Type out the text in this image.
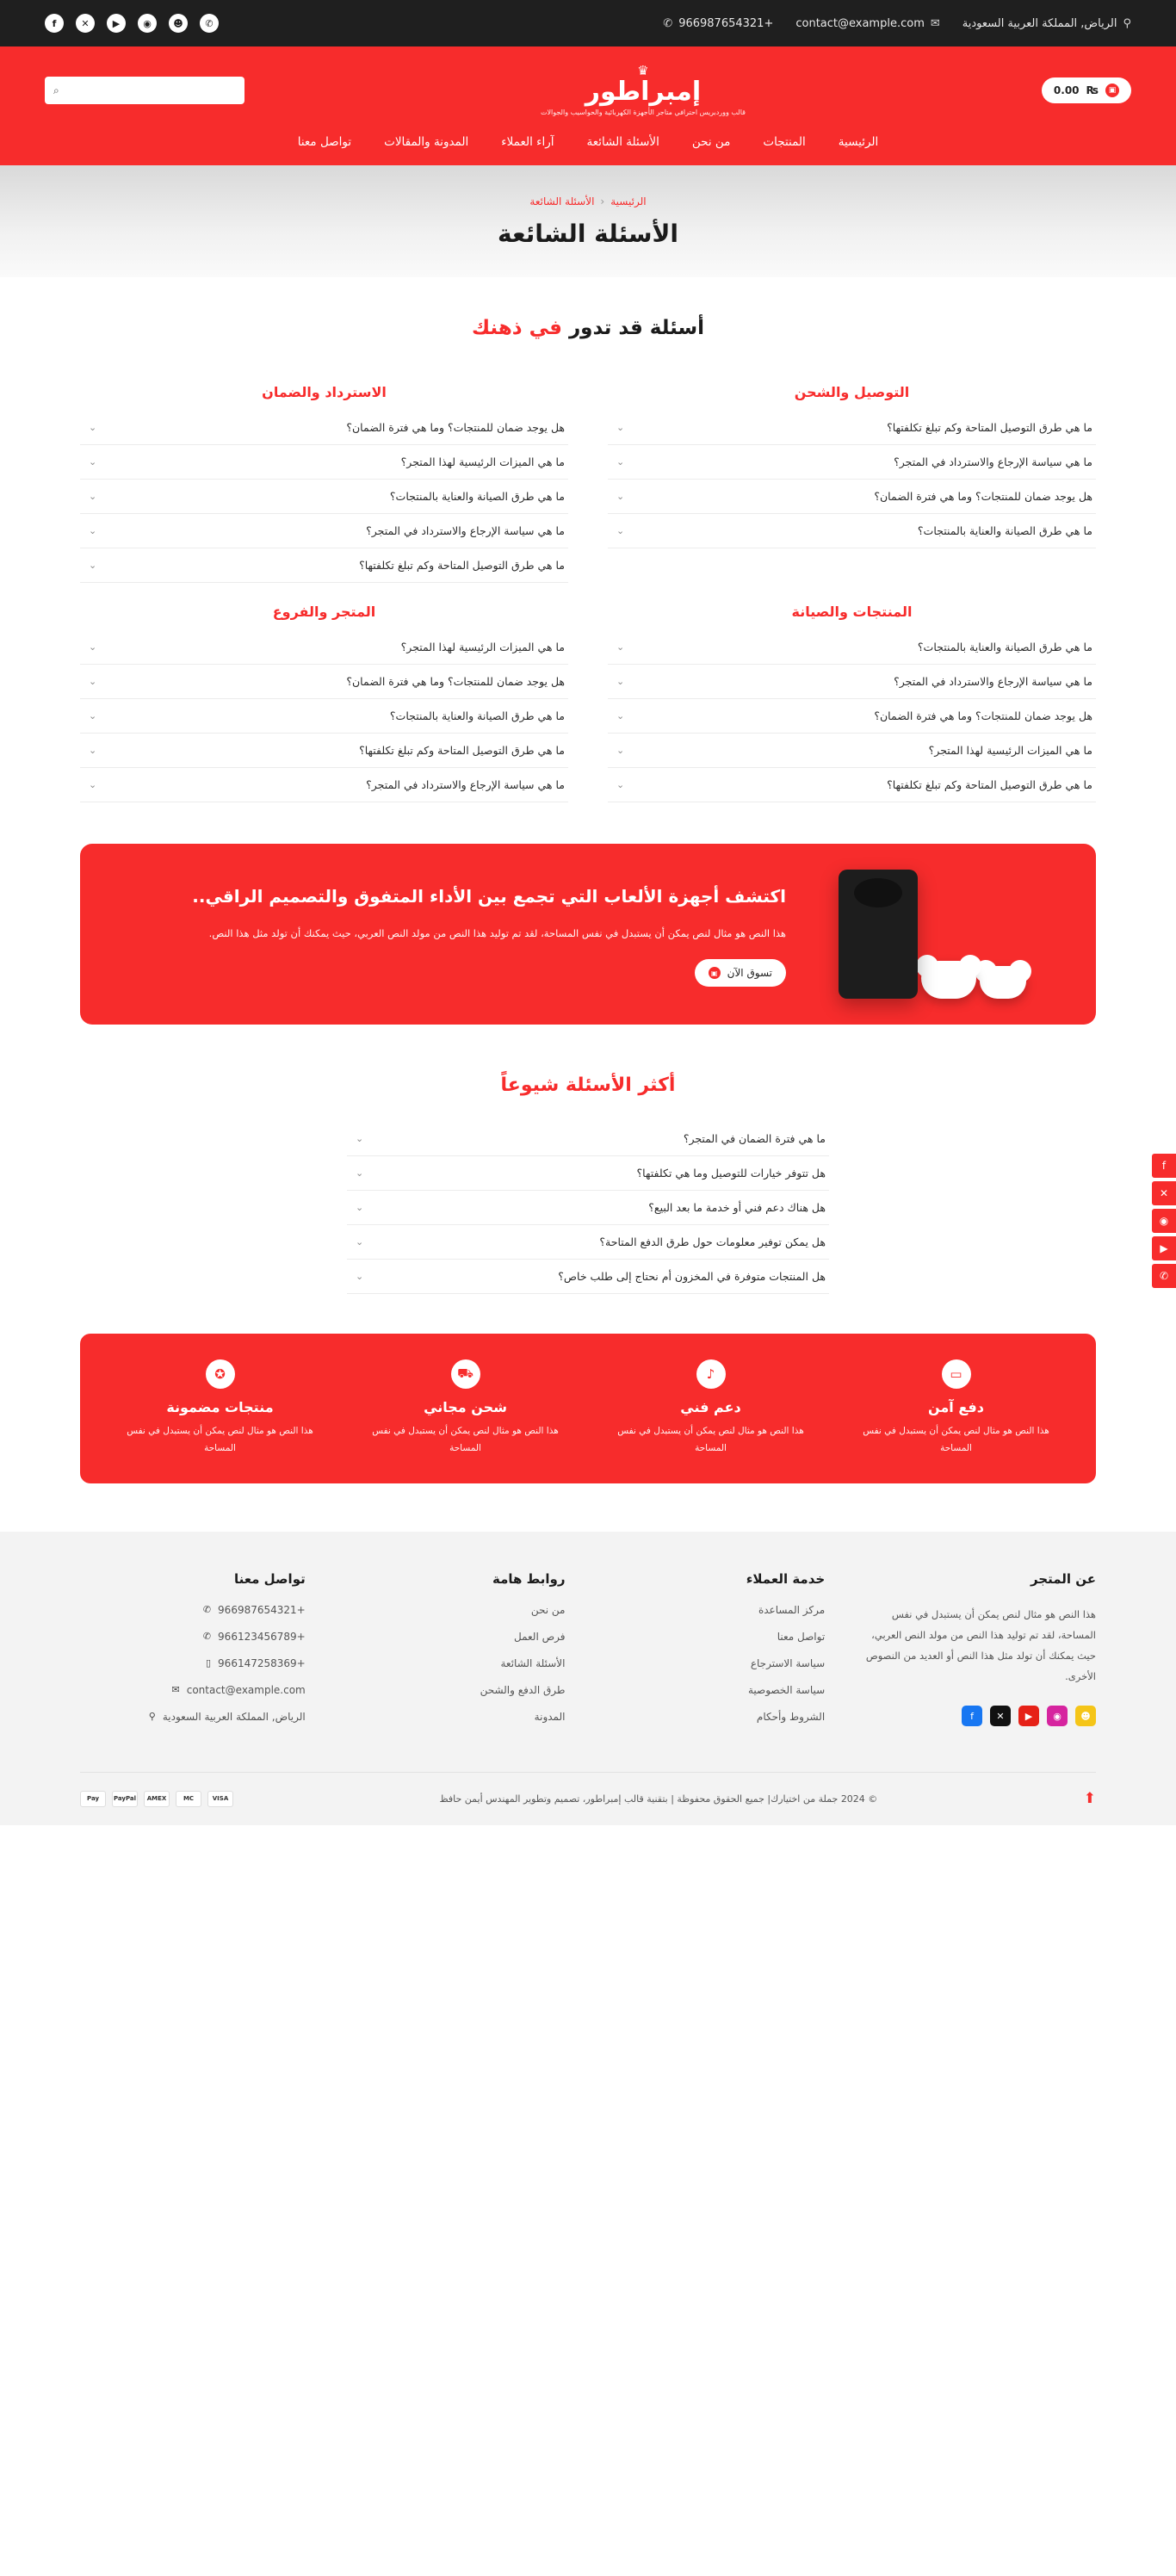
⚲
الرياض, المملكة العربية السعودية
✉
contact@example.com
+966987654321
✆
✆
☻
◉
▶
✕
f
▣
₨
0.00
♛
إمبراطور
قالب ووردبريس احترافي متاجر الأجهزة الكهربائية والحواسيب والجوالات
⌕
الرئيسية
المنتجات
من نحن
الأسئلة الشائعة
آراء العملاء
المدونة والمقالات
تواصل معنا
الرئيسية
‹
الأسئلة الشائعة
الأسئلة الشائعة
أسئلة قد تدور في ذهنك
التوصيل والشحن
ما هي طرق التوصيل المتاحة وكم تبلغ تكلفتها؟
⌄
ما هي سياسة الإرجاع والاسترداد في المتجر؟
⌄
هل يوجد ضمان للمنتجات؟ وما هي فترة الضمان؟
⌄
ما هي طرق الصيانة والعناية بالمنتجات؟
⌄
الاسترداد والضمان
هل يوجد ضمان للمنتجات؟ وما هي فترة الضمان؟
⌄
ما هي الميزات الرئيسية لهذا المتجر؟
⌄
ما هي طرق الصيانة والعناية بالمنتجات؟
⌄
ما هي سياسة الإرجاع والاسترداد في المتجر؟
⌄
ما هي طرق التوصيل المتاحة وكم تبلغ تكلفتها؟
⌄
المنتجات والصيانة
ما هي طرق الصيانة والعناية بالمنتجات؟
⌄
ما هي سياسة الإرجاع والاسترداد في المتجر؟
⌄
هل يوجد ضمان للمنتجات؟ وما هي فترة الضمان؟
⌄
ما هي الميزات الرئيسية لهذا المتجر؟
⌄
ما هي طرق التوصيل المتاحة وكم تبلغ تكلفتها؟
⌄
المتجر والفروع
ما هي الميزات الرئيسية لهذا المتجر؟
⌄
هل يوجد ضمان للمنتجات؟ وما هي فترة الضمان؟
⌄
ما هي طرق الصيانة والعناية بالمنتجات؟
⌄
ما هي طرق التوصيل المتاحة وكم تبلغ تكلفتها؟
⌄
ما هي سياسة الإرجاع والاسترداد في المتجر؟
⌄
اكتشف أجهزة الألعاب التي تجمع بين الأداء المتفوق والتصميم الراقي..

هذا النص هو مثال لنص يمكن أن يستبدل في نفس المساحة، لقد تم توليد هذا النص من مولد النص العربي، حيث يمكنك أن تولد مثل هذا النص.

تسوق الآن
▣
أكثر الأسئلة شيوعاً
ما هي فترة الضمان في المتجر؟
⌄
هل تتوفر خيارات للتوصيل وما هي تكلفتها؟
⌄
هل هناك دعم فني أو خدمة ما بعد البيع؟
⌄
هل يمكن توفير معلومات حول طرق الدفع المتاحة؟
⌄
هل المنتجات متوفرة في المخزون أم نحتاج إلى طلب خاص؟
⌄
▭
دفع آمن

هذا النص هو مثال لنص يمكن أن يستبدل في نفس المساحة

♪
دعم فني

هذا النص هو مثال لنص يمكن أن يستبدل في نفس المساحة

⛟
شحن مجاني

هذا النص هو مثال لنص يمكن أن يستبدل في نفس المساحة

✪
منتجات مضمونة

هذا النص هو مثال لنص يمكن أن يستبدل في نفس المساحة

عن المتجر

هذا النص هو مثال لنص يمكن أن يستبدل في نفس المساحة، لقد تم توليد هذا النص من مولد النص العربي، حيث يمكنك أن تولد مثل هذا النص أو العديد من النصوص الأخرى.

☻
◉
▶
✕
f
خدمة العملاء
مركز المساعدة
تواصل معنا
سياسة الاسترجاع
سياسة الخصوصية
الشروط وأحكام
روابط هامة
من نحن
فرص العمل
الأسئلة الشائعة
طرق الدفع والشحن
المدونة
تواصل معنا
+966987654321
✆
+966123456789
✆
+966147258369
▯
contact@example.com
✉
الرياض, المملكة العربية السعودية
⚲
⬆
© 2024 جملة من اختيارك| جميع الحقوق محفوظة | بتقنية قالب إمبراطور، تصميم وتطوير المهندس أيمن حافظ
VISA
MC
AMEX
PayPal
Pay
f
✕
◉
▶
✆
